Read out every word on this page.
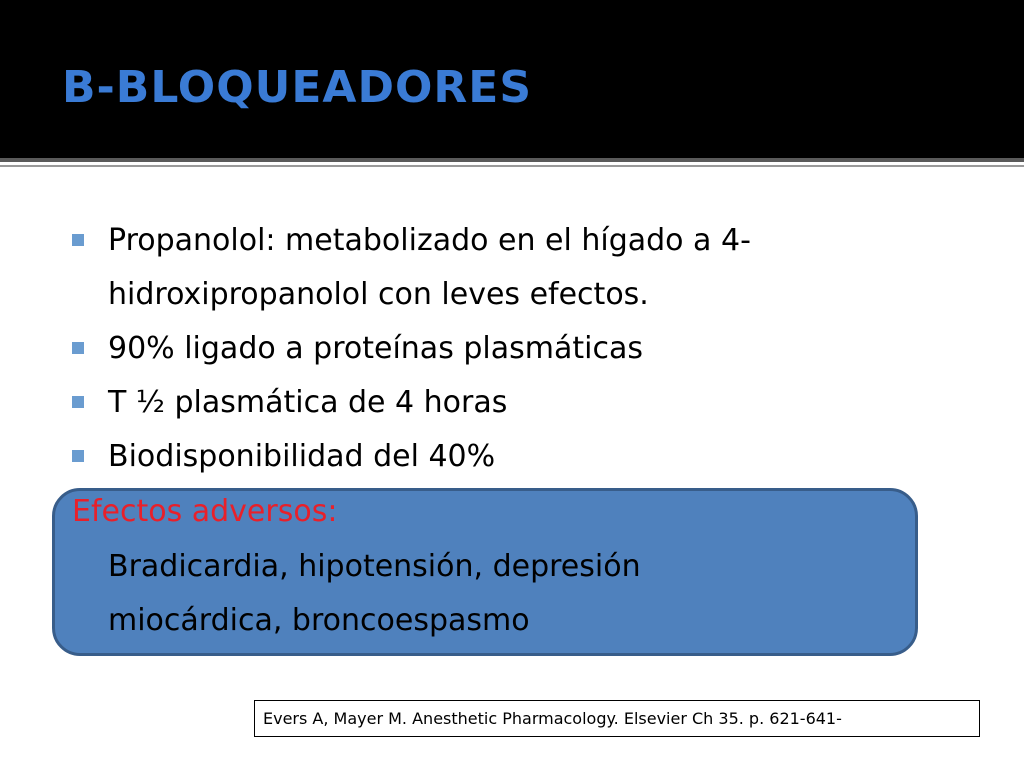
B-BLOQUEADORES
Propanolol: metabolizado en el hígado a 4-
hidroxipropanolol con leves efectos.
90% ligado a proteínas plasmáticas
T ½ plasmática de 4 horas
Biodisponibilidad del 40%
Efectos adversos:
Bradicardia, hipotensión, depresión
miocárdica, broncoespasmo
Evers A, Mayer M. Anesthetic Pharmacology. Elsevier Ch 35. p. 621-641-
